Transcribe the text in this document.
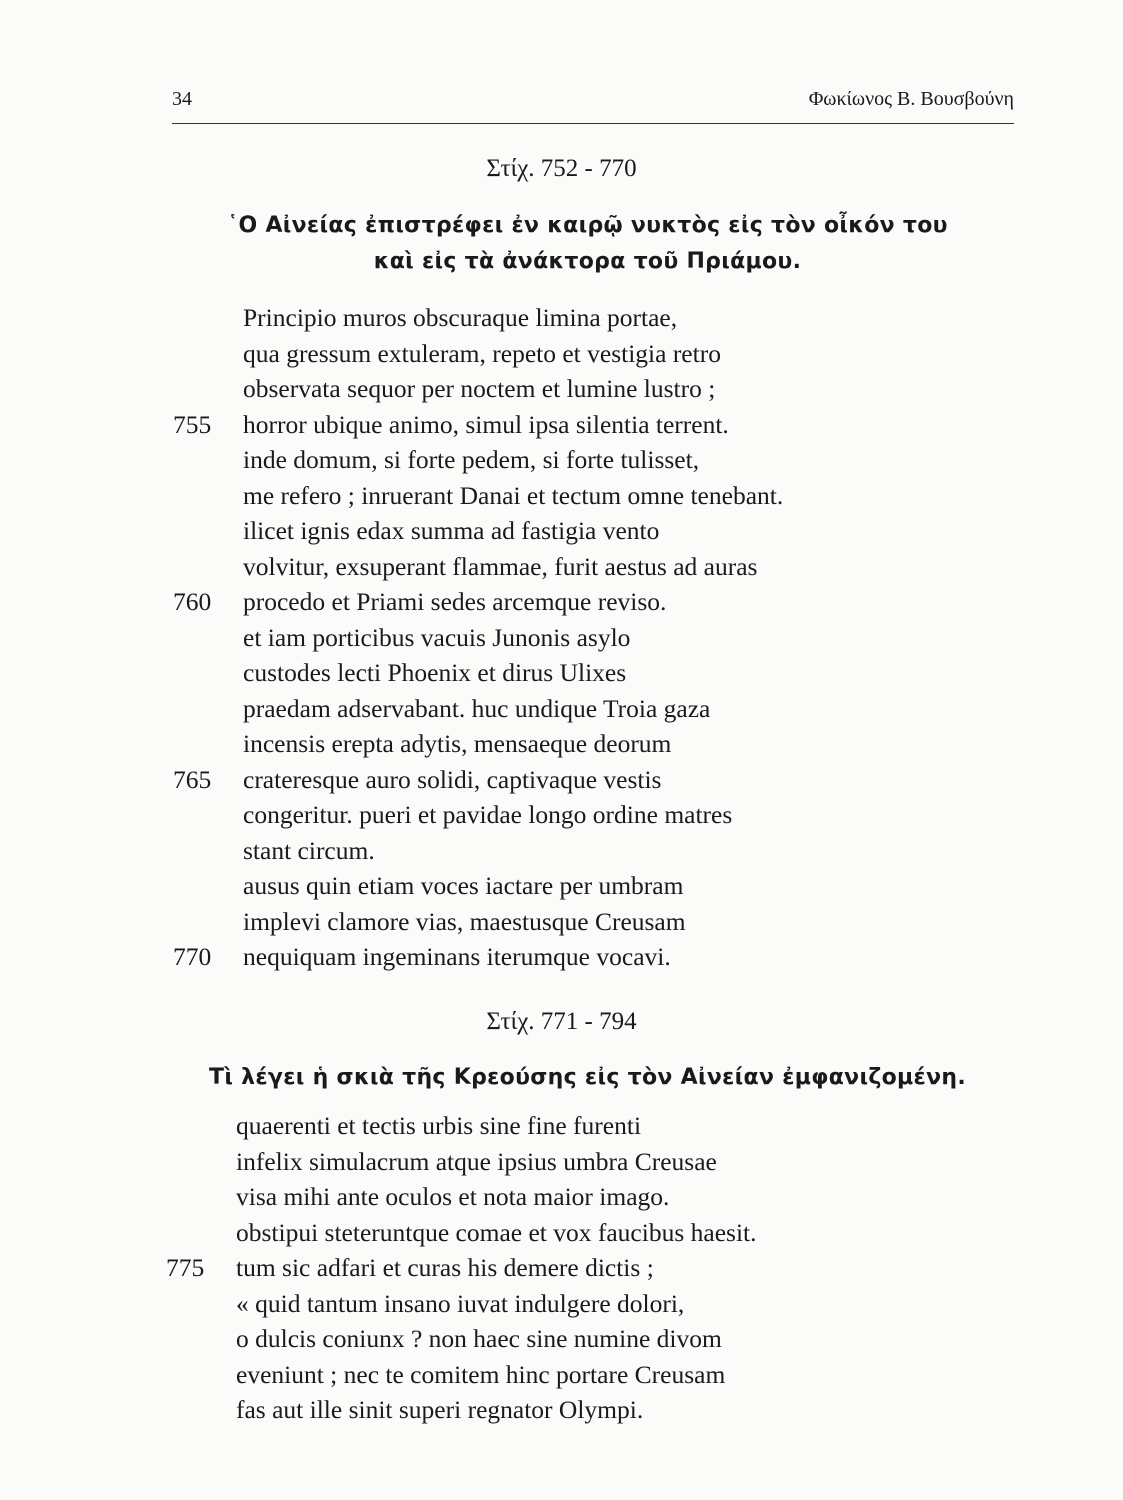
34	Φωκίωνος Β. Βουσβούνη
Στίχ. 752 - 770
῾Ο Αἰνείας ἐπιστρέφει ἐν καιρῷ νυκτὸς εἰς τὸν οἶκόν του
καὶ εἰς τὰ ἀνάκτορα τοῦ Πριάμου.
Principio muros obscuraque limina portae,
qua gressum extuleram, repeto et vestigia retro
observata sequor per noctem et lumine lustro ;
755	horror ubique animo, simul ipsa silentia terrent.
inde domum, si forte pedem, si forte tulisset,
me refero ; inruerant Danai et tectum omne tenebant.
ilicet ignis edax summa ad fastigia vento
volvitur, exsuperant flammae, furit aestus ad auras
760	procedo et Priami sedes arcemque reviso.
et iam porticibus vacuis Junonis asylo
custodes lecti Phoenix et dirus Ulixes
praedam adservabant. huc undique Troia gaza
incensis erepta adytis, mensaeque deorum
765	crateresque auro solidi, captivaque vestis
congeritur. pueri et pavidae longo ordine matres
stant circum.
ausus quin etiam voces iactare per umbram
implevi clamore vias, maestusque Creusam
770	nequiquam ingeminans iterumque vocavi.
Στίχ. 771 - 794
Τὶ λέγει ἡ σκιὰ τῆς Κρεούσης εἰς τὸν Αἰνείαν ἐμφανιζομένη.
quaerenti et tectis urbis sine fine furenti
infelix simulacrum atque ipsius umbra Creusae
visa mihi ante oculos et nota maior imago.
obstipui steteruntque comae et vox faucibus haesit.
775	tum sic adfari et curas his demere dictis ;
« quid tantum insano iuvat indulgere dolori,
o dulcis coniunx ? non haec sine numine divom
eveniunt ; nec te comitem hinc portare Creusam
fas aut ille sinit superi regnator Olympi.
